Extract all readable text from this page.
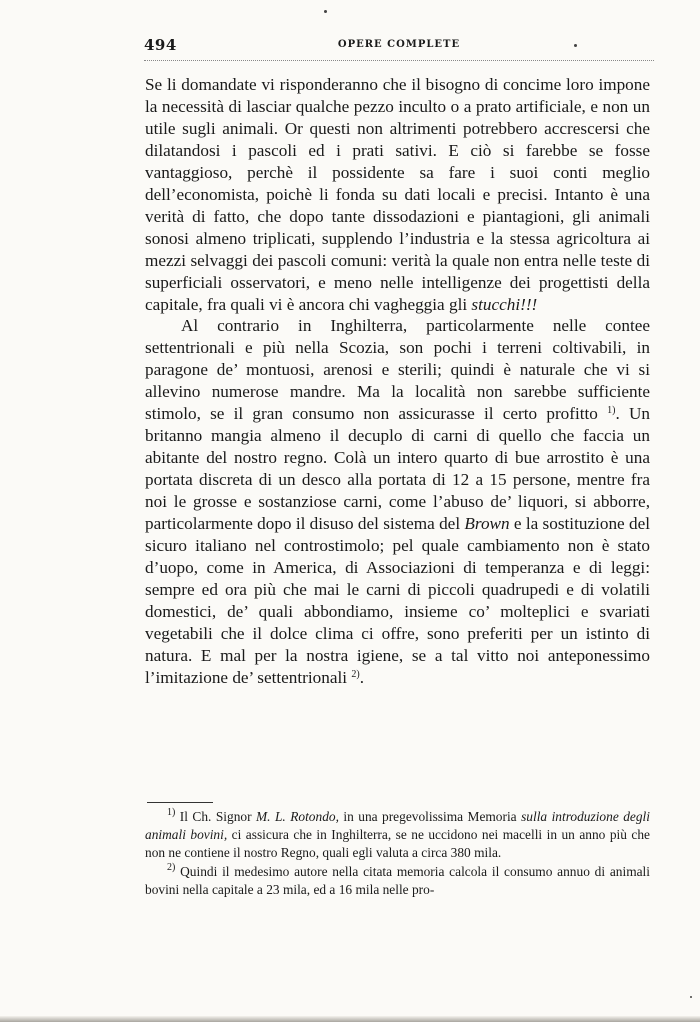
494	OPERE COMPLETE

Se li domandate vi risponderanno che il bisogno di concime loro impone la necessità di lasciar qualche pezzo inculto o a prato artificiale, e non un utile sugli animali. Or questi non altrimenti potrebbero accrescersi che dilatandosi i pascoli ed i prati sativi. E ciò si farebbe se fosse vantaggioso, perchè il possidente sa fare i suoi conti meglio dell’economista, poichè li fonda su dati locali e precisi. Intanto è una verità di fatto, che dopo tante dissodazioni e piantagioni, gli animali sonosi almeno triplicati, supplendo l’industria e la stessa agricoltura ai mezzi selvaggi dei pascoli comuni: verità la quale non entra nelle teste di superficiali osservatori, e meno nelle intelligenze dei progettisti della capitale, fra quali vi è ancora chi vagheggia gli stucchi!!!

Al contrario in Inghilterra, particolarmente nelle contee settentrionali e più nella Scozia, son pochi i terreni coltivabili, in paragone de’ montuosi, arenosi e sterili; quindi è naturale che vi si allevino numerose mandre. Ma la località non sarebbe sufficiente stimolo, se il gran consumo non assicurasse il certo profitto $^{1)}$. Un britanno mangia almeno il decuplo di carni di quello che faccia un abitante del nostro regno. Colà un intero quarto di bue arrostito è una portata discreta di un desco alla portata di 12 a 15 persone, mentre fra noi le grosse e sostanziose carni, come l’abuso de’ liquori, si abborre, particolarmente dopo il disuso del sistema del Brown e la sostituzione del sicuro italiano nel controstimolo; pel quale cambiamento non è stato d’uopo, come in America, di Associazioni di temperanza e di leggi: sempre ed ora più che mai le carni di piccoli quadrupedi e di volatili domestici, de’ quali abbondiamo, insieme co’ molteplici e svariati vegetabili che il dolce clima ci offre, sono preferiti per un istinto di natura. E mal per la nostra igiene, se a tal vitto noi anteponessimo l’imitazione de’ settentrionali $^{2)}$.

$^{1)}$ Il Ch. Signor M. L. Rotondo, in una pregevolissima Memoria sulla introduzione degli animali bovini, ci assicura che in Inghilterra, se ne uccidono nei macelli in un anno più che non ne contiene il nostro Regno, quali egli valuta a circa 380 mila.

$^{2)}$ Quindi il medesimo autore nella citata memoria calcola il consumo annuo di animali bovini nella capitale a 23 mila, ed a 16 mila nelle pro-
